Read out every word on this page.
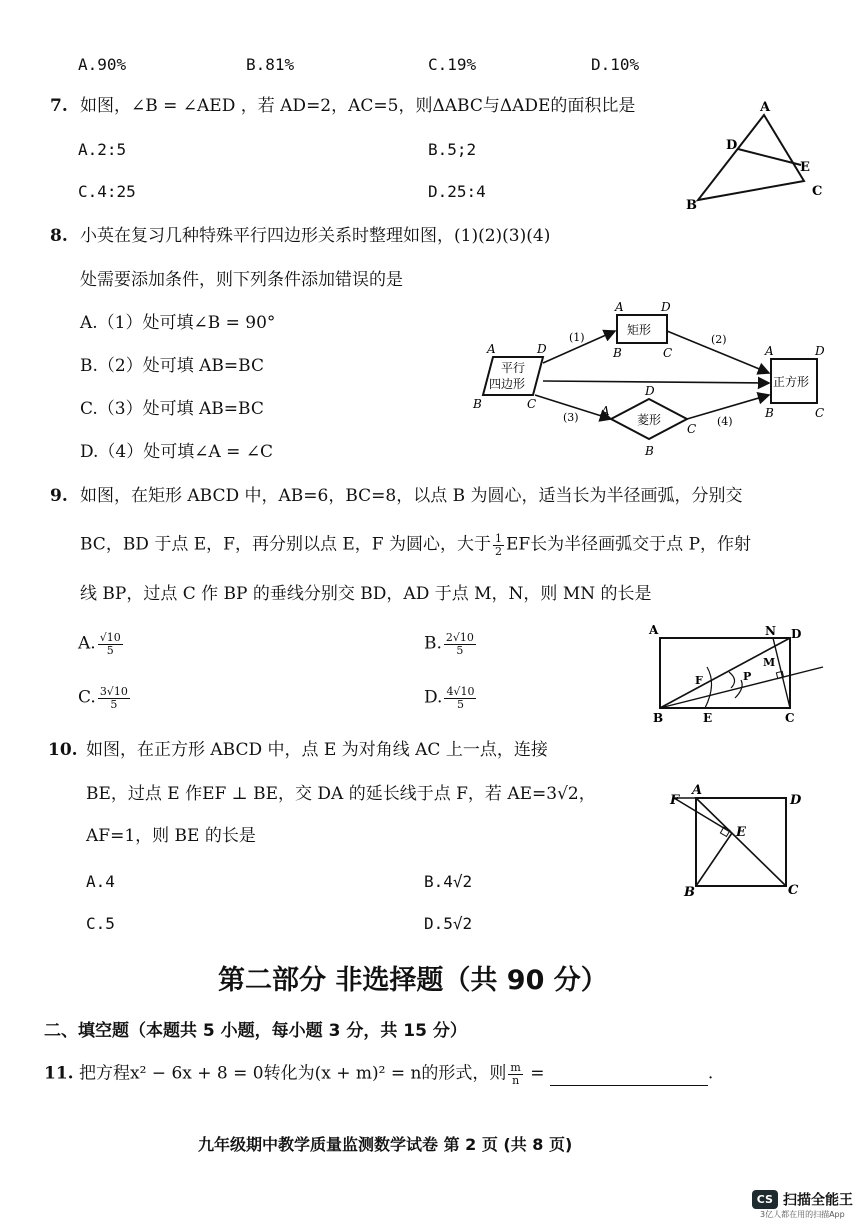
A.90%	B.81%	C.19%	D.10%
7. 如图，∠B = ∠AED ，若 AD=2，AC=5，则ΔABC与ΔADE的面积比是
A.2:5	B.5;2
C.4:25	D.25:4
A
D
E
B
C
8. 小英在复习几种特殊平行四边形关系时整理如图，(1)(2)(3)(4)
处需要添加条件，则下列条件添加错误的是
A.（1）处可填∠B = 90°
B.（2）处可填 AB=BC
C.（3）处可填 AB=BC
D.（4）处可填∠A = ∠C
平行
四边形
A	D
B	C
矩形
A	D
B	C
菱形
D
A
C
B
正方形
A	D
B	C
(1)	(2)
(3)	(4)
9. 如图，在矩形 ABCD 中，AB=6，BC=8，以点 B 为圆心，适当长为半径画弧，分别交
BC，BD 于点 E，F，再分别以点 E，F 为圆心，大于 $\frac{1}{2}$ EF长为半径画弧交于点 P，作射
线 BP，过点 C 作 BP 的垂线分别交 BD，AD 于点 M，N，则 MN 的长是
A. $\frac{√10}{5}$	B. $\frac{2√10}{5}$
C. $\frac{3√10}{5}$	D. $\frac{4√10}{5}$
A	N D
M
F	P
B	E	C
10. 如图，在正方形 ABCD 中，点 E 为对角线 AC 上一点，连接
BE，过点 E 作EF ⊥ BE，交 DA 的延长线于点 F，若 AE=3√2，
AF=1，则 BE 的长是
A.4	B.4√2
C.5	D.5√2
F
A
D
E
B	C
第二部分 非选择题（共 90 分）
二、填空题（本题共 5 小题，每小题 3 分，共 15 分）
11. 把方程x² − 6x + 8 = 0转化为(x + m)² = n的形式，则 $\frac{m}{n}$ =	.
九年级期中教学质量监测数学试卷 第 2 页 (共 8 页)
CS 扫描全能王
3亿人都在用的扫描App
